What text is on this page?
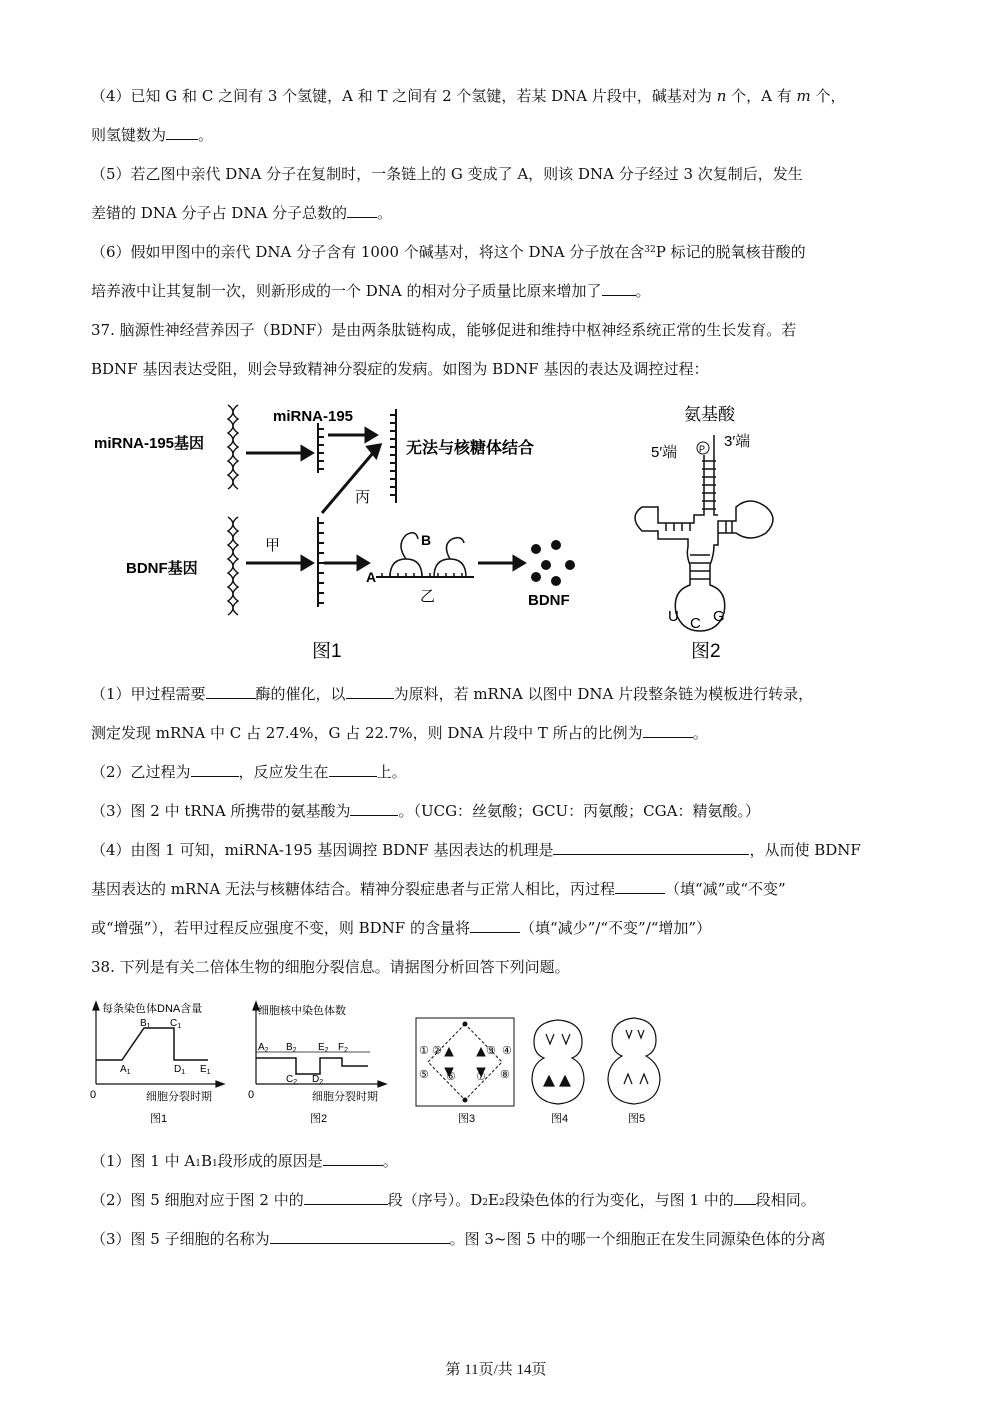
（4）已知 G 和 C 之间有 3 个氢键，A 和 T 之间有 2 个氢键，若某 DNA 片段中，碱基对为 n 个，A 有 m 个，
则氢键数为 。
（5）若乙图中亲代 DNA 分子在复制时，一条链上的 G 变成了 A，则该 DNA 分子经过 3 次复制后，发生
差错的 DNA 分子占 DNA 分子总数的 。
（6）假如甲图中的亲代 DNA 分子含有 1000 个碱基对，将这个 DNA 分子放在含$^{32}$P 标记的脱氧核苷酸的
培养液中让其复制一次，则新形成的一个 DNA 的相对分子质量比原来增加了 。
37. 脑源性神经营养因子（BDNF）是由两条肽链构成，能够促进和维持中枢神经系统正常的生长发育。若
BDNF 基因表达受阻，则会导致精神分裂症的发病。如图为 BDNF 基因的表达及调控过程：
miRNA-195基因
BDNF基因
miRNA-195
无法与核糖体结合
丙
甲	B
A
乙	BDNF
图1
氨基酸
5′端
3′端
P
U C G
图2
（1）甲过程需要	酶的催化，以	为原料，若 mRNA 以图中 DNA 片段整条链为模板进行转录，
测定发现 mRNA 中 C 占 27.4%，G 占 22.7%，则 DNA 片段中 T 所占的比例为	。
（2）乙过程为	，反应发生在	上。
（3）图 2 中 tRNA 所携带的氨基酸为	。（UCG：丝氨酸；GCU：丙氨酸；CGA：精氨酸。）
（4）由图 1 可知，miRNA-195 基因调控 BDNF 基因表达的机理是	，从而使 BDNF
基因表达的 mRNA 无法与核糖体结合。精神分裂症患者与正常人相比，丙过程	（填“减”或“不变”
或“增强”），若甲过程反应强度不变，则 BDNF 的含量将	（填“减少”/“不变”/“增加”）
38. 下列是有关二倍体生物的细胞分裂信息。请据图分析回答下列问题。
每条染色体DNA含量
细胞分裂时期
0
$A_1$
$B_1$ $C_1$
$D_1$ $E_1$
图1
细胞核中染色体数
细胞分裂时期
0
$A_2$ $B_2$
$C_2$ $D_2$
$E_2$ $F_2$
图2
① ②	③ ④
⑤ ⑥ ⑦ ⑧
图3	图4	图5
（1）图 1 中 $A_1B_1$段形成的原因是	。
（2）图 5 细胞对应于图 2 中的	段（序号）。$D_2E_2$段染色体的行为变化，与图 1 中的 段相同。
（3）图 5 子细胞的名称为	。图 3~图 5 中的哪一个细胞正在发生同源染色体的分离
第 11页/共 14页
